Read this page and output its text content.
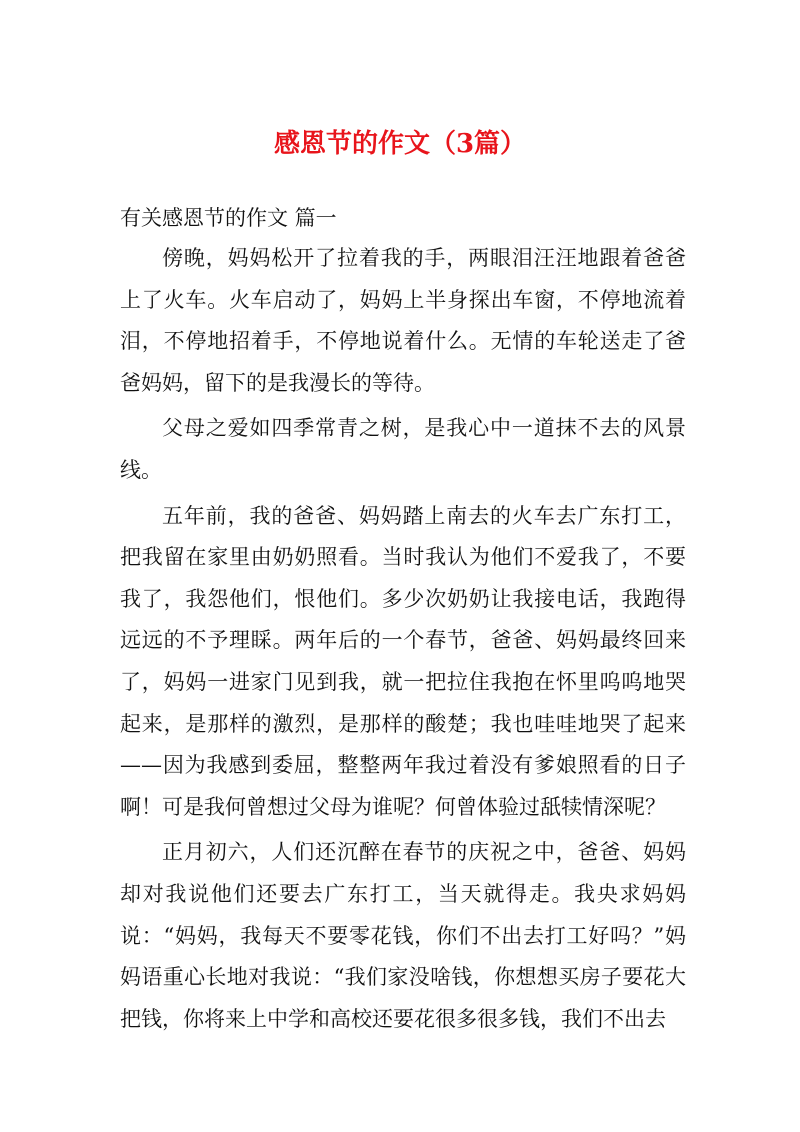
感恩节的作文（3篇）

有关感恩节的作文 篇一

傍晚，妈妈松开了拉着我的手，两眼泪汪汪地跟着爸爸上了火车。火车启动了，妈妈上半身探出车窗，不停地流着泪，不停地招着手，不停地说着什么。无情的车轮送走了爸爸妈妈，留下的是我漫长的等待。

父母之爱如四季常青之树，是我心中一道抹不去的风景线。

五年前，我的爸爸、妈妈踏上南去的火车去广东打工，把我留在家里由奶奶照看。当时我认为他们不爱我了，不要我了，我怨他们，恨他们。多少次奶奶让我接电话，我跑得远远的不予理睬。两年后的一个春节，爸爸、妈妈最终回来了，妈妈一进家门见到我，就一把拉住我抱在怀里呜呜地哭起来，是那样的激烈，是那样的酸楚；我也哇哇地哭了起来——因为我感到委屈，整整两年我过着没有爹娘照看的日子啊！可是我何曾想过父母为谁呢？何曾体验过舐犊情深呢？

正月初六，人们还沉醉在春节的庆祝之中，爸爸、妈妈却对我说他们还要去广东打工，当天就得走。我央求妈妈说：“妈妈，我每天不要零花钱，你们不出去打工好吗？”妈妈语重心长地对我说：“我们家没啥钱，你想想买房子要花大把钱，你将来上中学和高校还要花很多很多钱，我们不出去
